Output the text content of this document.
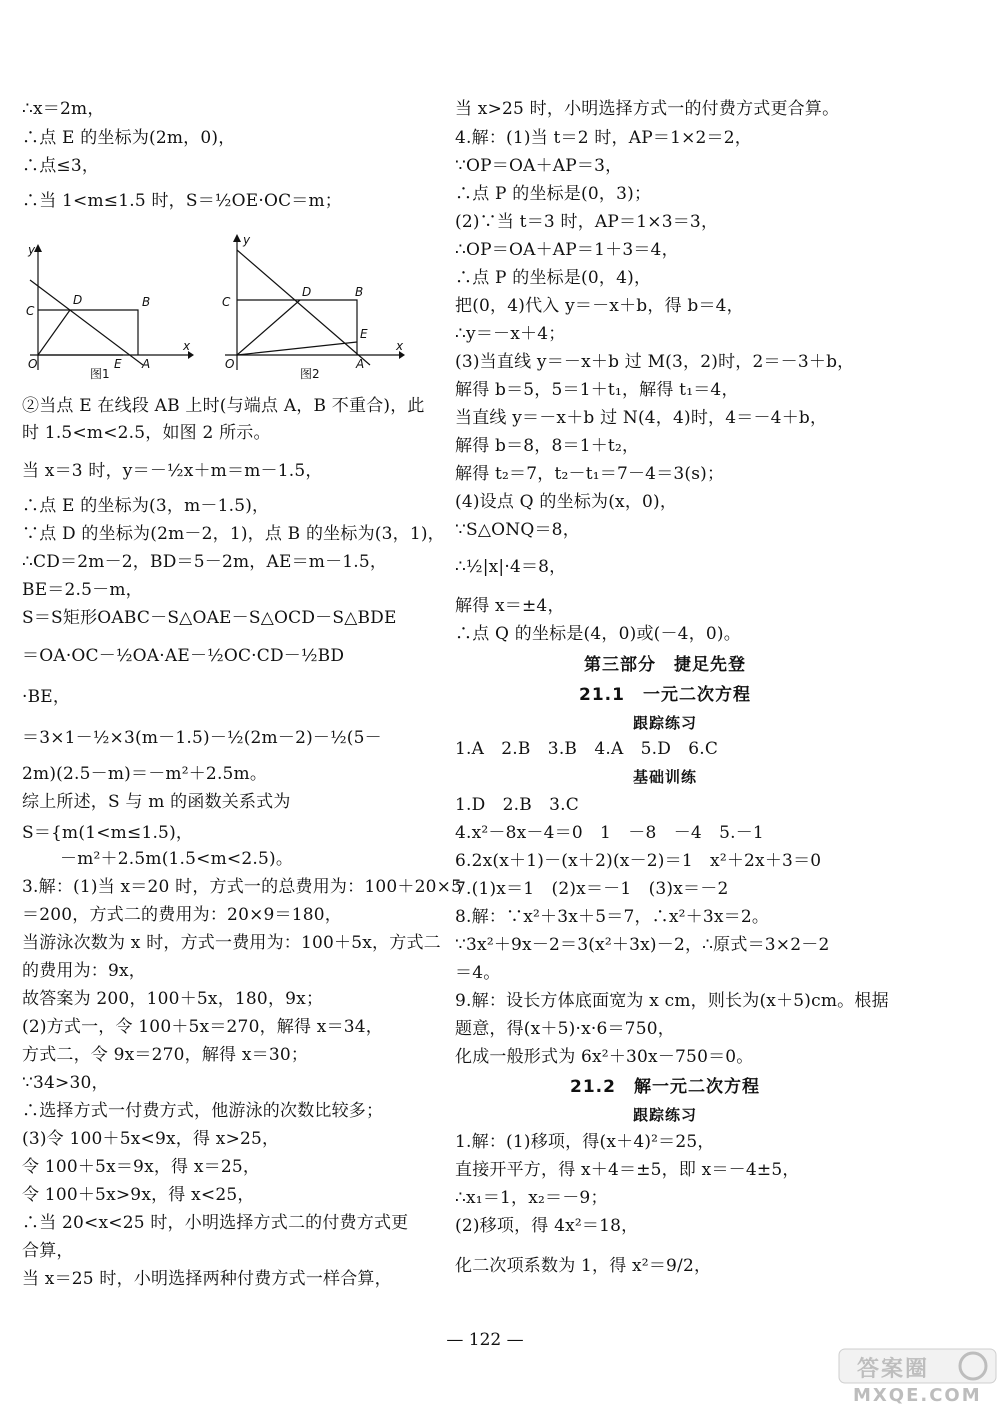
∴x＝2m，
∴点 E 的坐标为(2m，0)，
∴点≤3，
∴当 1<m≤1.5 时，S＝½OE·OC＝m；
y
x
O
C
D	B
E A
图1
y
x
O
C
D	B
E
A
图2
②当点 E 在线段 AB 上时(与端点 A，B 不重合)，此
时 1.5<m<2.5，如图 2 所示。
当 x＝3 时，y＝－½x＋m＝m－1.5，
∴点 E 的坐标为(3，m－1.5)，
∵点 D 的坐标为(2m－2，1)，点 B 的坐标为(3，1)，
∴CD＝2m－2，BD＝5－2m，AE＝m－1.5，
BE＝2.5－m，
S＝S矩形OABC－S△OAE－S△OCD－S△BDE
＝OA·OC－½OA·AE－½OC·CD－½BD
·BE，
＝3×1－½×3(m－1.5)－½(2m－2)－½(5－
2m)(2.5－m)＝－m²＋2.5m。
综上所述，S 与 m 的函数关系式为
S＝{m(1<m≤1.5)，
－m²＋2.5m(1.5<m<2.5)。
3.解：(1)当 x＝20 时，方式一的总费用为：100＋20×5
＝200，方式二的费用为：20×9＝180，
当游泳次数为 x 时，方式一费用为：100＋5x，方式二
的费用为：9x，
故答案为 200，100＋5x，180，9x；
(2)方式一，令 100＋5x＝270，解得 x＝34，
方式二，令 9x＝270，解得 x＝30；
∵34>30，
∴选择方式一付费方式，他游泳的次数比较多；
(3)令 100＋5x<9x，得 x>25，
令 100＋5x＝9x，得 x＝25，
令 100＋5x>9x，得 x<25，
∴当 20<x<25 时，小明选择方式二的付费方式更
合算，
当 x＝25 时，小明选择两种付费方式一样合算，
当 x>25 时，小明选择方式一的付费方式更合算。
4.解：(1)当 t＝2 时，AP＝1×2＝2，
∵OP＝OA＋AP＝3，
∴点 P 的坐标是(0，3)；
(2)∵当 t＝3 时，AP＝1×3＝3，
∴OP＝OA＋AP＝1＋3＝4，
∴点 P 的坐标是(0，4)，
把(0，4)代入 y＝－x＋b，得 b＝4，
∴y＝－x＋4；
(3)当直线 y＝－x＋b 过 M(3，2)时，2＝－3＋b，
解得 b＝5，5＝1＋t₁，解得 t₁＝4，
当直线 y＝－x＋b 过 N(4，4)时，4＝－4＋b，
解得 b＝8，8＝1＋t₂，
解得 t₂＝7，t₂－t₁＝7－4＝3(s)；
(4)设点 Q 的坐标为(x，0)，
∵S△ONQ＝8，
∴½|x|·4＝8，
解得 x＝±4，
∴点 Q 的坐标是(4，0)或(－4，0)。
第三部分　捷足先登
21.1　一元二次方程
跟踪练习
1.A　2.B　3.B　4.A　5.D　6.C
基础训练
1.D　2.B　3.C
4.x²－8x－4＝0　1　－8　－4　5.－1
6.2x(x＋1)－(x＋2)(x－2)＝1　x²＋2x＋3＝0
7.(1)x＝1　(2)x＝－1　(3)x＝－2
8.解：∵x²＋3x＋5＝7，∴x²＋3x＝2。
∵3x²＋9x－2＝3(x²＋3x)－2，∴原式＝3×2－2
＝4。
9.解：设长方体底面宽为 x cm，则长为(x＋5)cm。根据
题意，得(x＋5)·x·6＝750，
化成一般形式为 6x²＋30x－750＝0。
21.2　解一元二次方程
跟踪练习
1.解：(1)移项，得(x＋4)²＝25，
直接开平方，得 x＋4＝±5，即 x＝－4±5，
∴x₁＝1，x₂＝－9；
(2)移项，得 4x²＝18，
化二次项系数为 1，得 x²＝9/2，
— 122 —
答案圈
MXQE.COM
